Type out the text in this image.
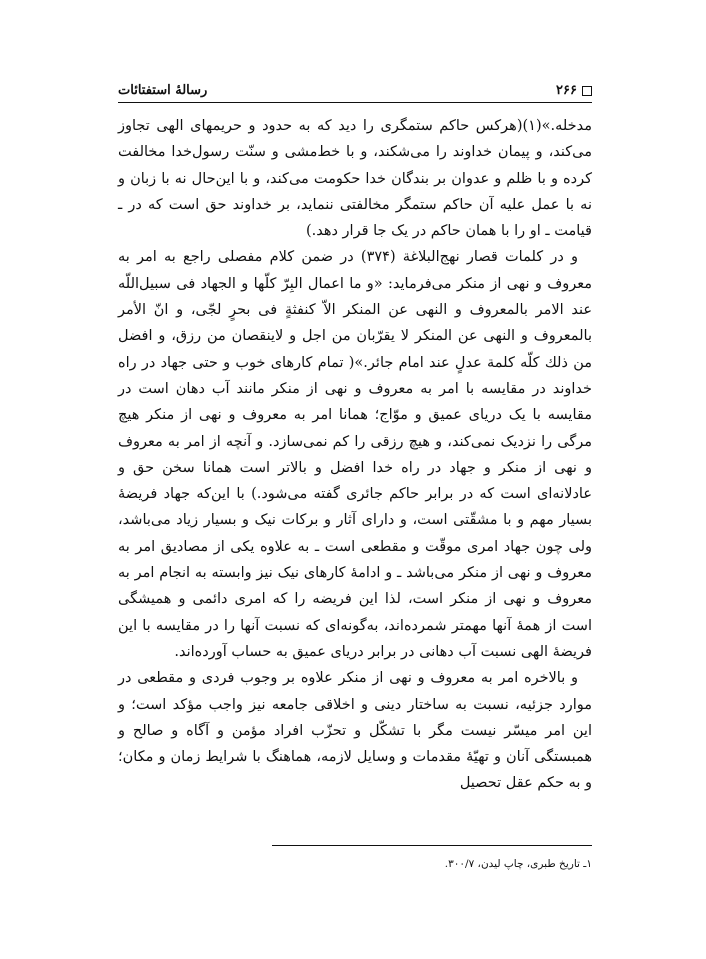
۲۶۶
رسالهٔ استفتائات

مدخله.»(۱)(هرکس حاکم ستمگری را دید که به حدود و حریمهای الهی تجاوز می‌کند، و پیمان خداوند را می‌شکند، و با خط‌مشی و سنّت رسول‌خدا مخالفت کرده و با ظلم و عدوان بر بندگان خدا حکومت می‌کند، و با این‌حال نه با زبان و نه با عمل علیه آن حاکم ستمگر مخالفتی ننماید، بر خداوند حق است که در ـ قیامت ـ او را با همان حاکم در یک جا قرار دهد.)

و در کلمات قصار نهج‌البلاغة (۳۷۴) در ضمن کلام مفصلی راجع به امر به معروف و نهی از منکر می‌فرماید: «و ما اعمال البِرّ کلّها و الجهاد فی سبیل‌اللّه عند الامر بالمعروف و النهی عن المنکر الاّ کنفثةٍ فی بحرٍ لجّی، و انّ الأمر بالمعروف و النهی عن المنکر لا یقرّبان من اجل و لاینقصان من رزق، و افضل من ذلك كلّه كلمة عدلٍ عند امام جائر.»( تمام کارهای خوب و حتی جهاد در راه خداوند در مقایسه با امر به معروف و نهی از منکر مانند آب دهان است در مقایسه با یک دریای عمیق و موّاج؛ همانا امر به معروف و نهی از منکر هیچ مرگی را نزدیک نمی‌کند، و هیچ رزقی را کم نمی‌سازد. و آنچه از امر به معروف و نهی از منکر و جهاد در راه خدا افضل و بالاتر است همانا سخن حق و عادلانه‌ای است که در برابر حاکم جائری گفته می‌شود.) با این‌که جهاد فریضهٔ بسیار مهم و با مشقّتی است، و دارای آثار و برکات نیک و بسیار زیاد می‌باشد، ولی چون جهاد امری موقّت و مقطعی است ـ به علاوه یکی از مصادیق امر به معروف و نهی از منکر می‌باشد ـ و ادامهٔ کارهای نیک نیز وابسته به انجام امر به معروف و نهی از منکر است، لذا این فریضه را که امری دائمی و همیشگی است از همهٔ آنها مهمتر شمرده‌اند، به‌گونه‌ای که نسبت آنها را در مقایسه با این فریضهٔ الهی نسبت آب دهانی در برابر دریای عمیق به حساب آورده‌اند.

و بالاخره امر به معروف و نهی از منکر علاوه بر وجوب فردی و مقطعی در موارد جزئیه، نسبت به ساختار دینی و اخلاقی جامعه نیز واجب مؤکد است؛ و این امر میسّر نیست مگر با تشکّل و تحزّب افراد مؤمن و آگاه و صالح و همبستگی آنان و تهیّهٔ مقدمات و وسایل لازمه، هماهنگ با شرایط زمان و مکان؛ و به حکم عقل تحصیل

۱ـ تاريخ طبری، چاپ ليدن، ۳۰۰/۷.
